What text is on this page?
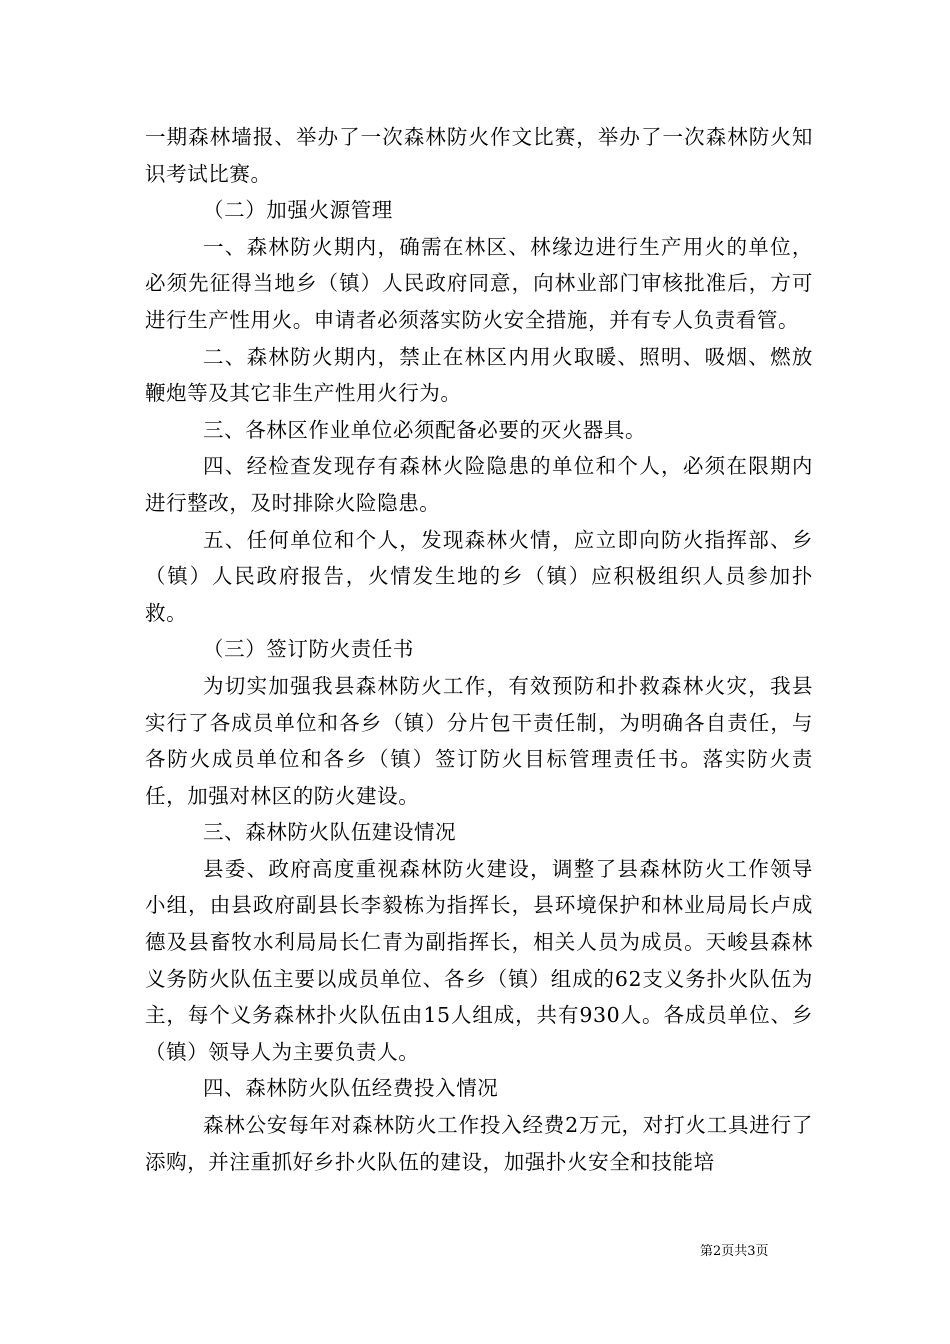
一期森林墙报、举办了一次森林防火作文比赛，举办了一次森林防火知识考试比赛。

（二）加强火源管理

一、森林防火期内，确需在林区、林缘边进行生产用火的单位，必须先征得当地乡（镇）人民政府同意，向林业部门审核批准后，方可进行生产性用火。申请者必须落实防火安全措施，并有专人负责看管。

二、森林防火期内，禁止在林区内用火取暖、照明、吸烟、燃放鞭炮等及其它非生产性用火行为。

三、各林区作业单位必须配备必要的灭火器具。

四、经检查发现存有森林火险隐患的单位和个人，必须在限期内进行整改，及时排除火险隐患。

五、任何单位和个人，发现森林火情，应立即向防火指挥部、乡（镇）人民政府报告，火情发生地的乡（镇）应积极组织人员参加扑救。

（三）签订防火责任书

为切实加强我县森林防火工作，有效预防和扑救森林火灾，我县实行了各成员单位和各乡（镇）分片包干责任制，为明确各自责任，与各防火成员单位和各乡（镇）签订防火目标管理责任书。落实防火责任，加强对林区的防火建设。

三、森林防火队伍建设情况

县委、政府高度重视森林防火建设，调整了县森林防火工作领导小组，由县政府副县长李毅栋为指挥长，县环境保护和林业局局长卢成德及县畜牧水利局局长仁青为副指挥长，相关人员为成员。天峻县森林义务防火队伍主要以成员单位、各乡（镇）组成的62支义务扑火队伍为主，每个义务森林扑火队伍由15人组成，共有930人。各成员单位、乡（镇）领导人为主要负责人。

四、森林防火队伍经费投入情况

森林公安每年对森林防火工作投入经费2万元，对打火工具进行了添购，并注重抓好乡扑火队伍的建设，加强扑火安全和技能培

第2页共3页
